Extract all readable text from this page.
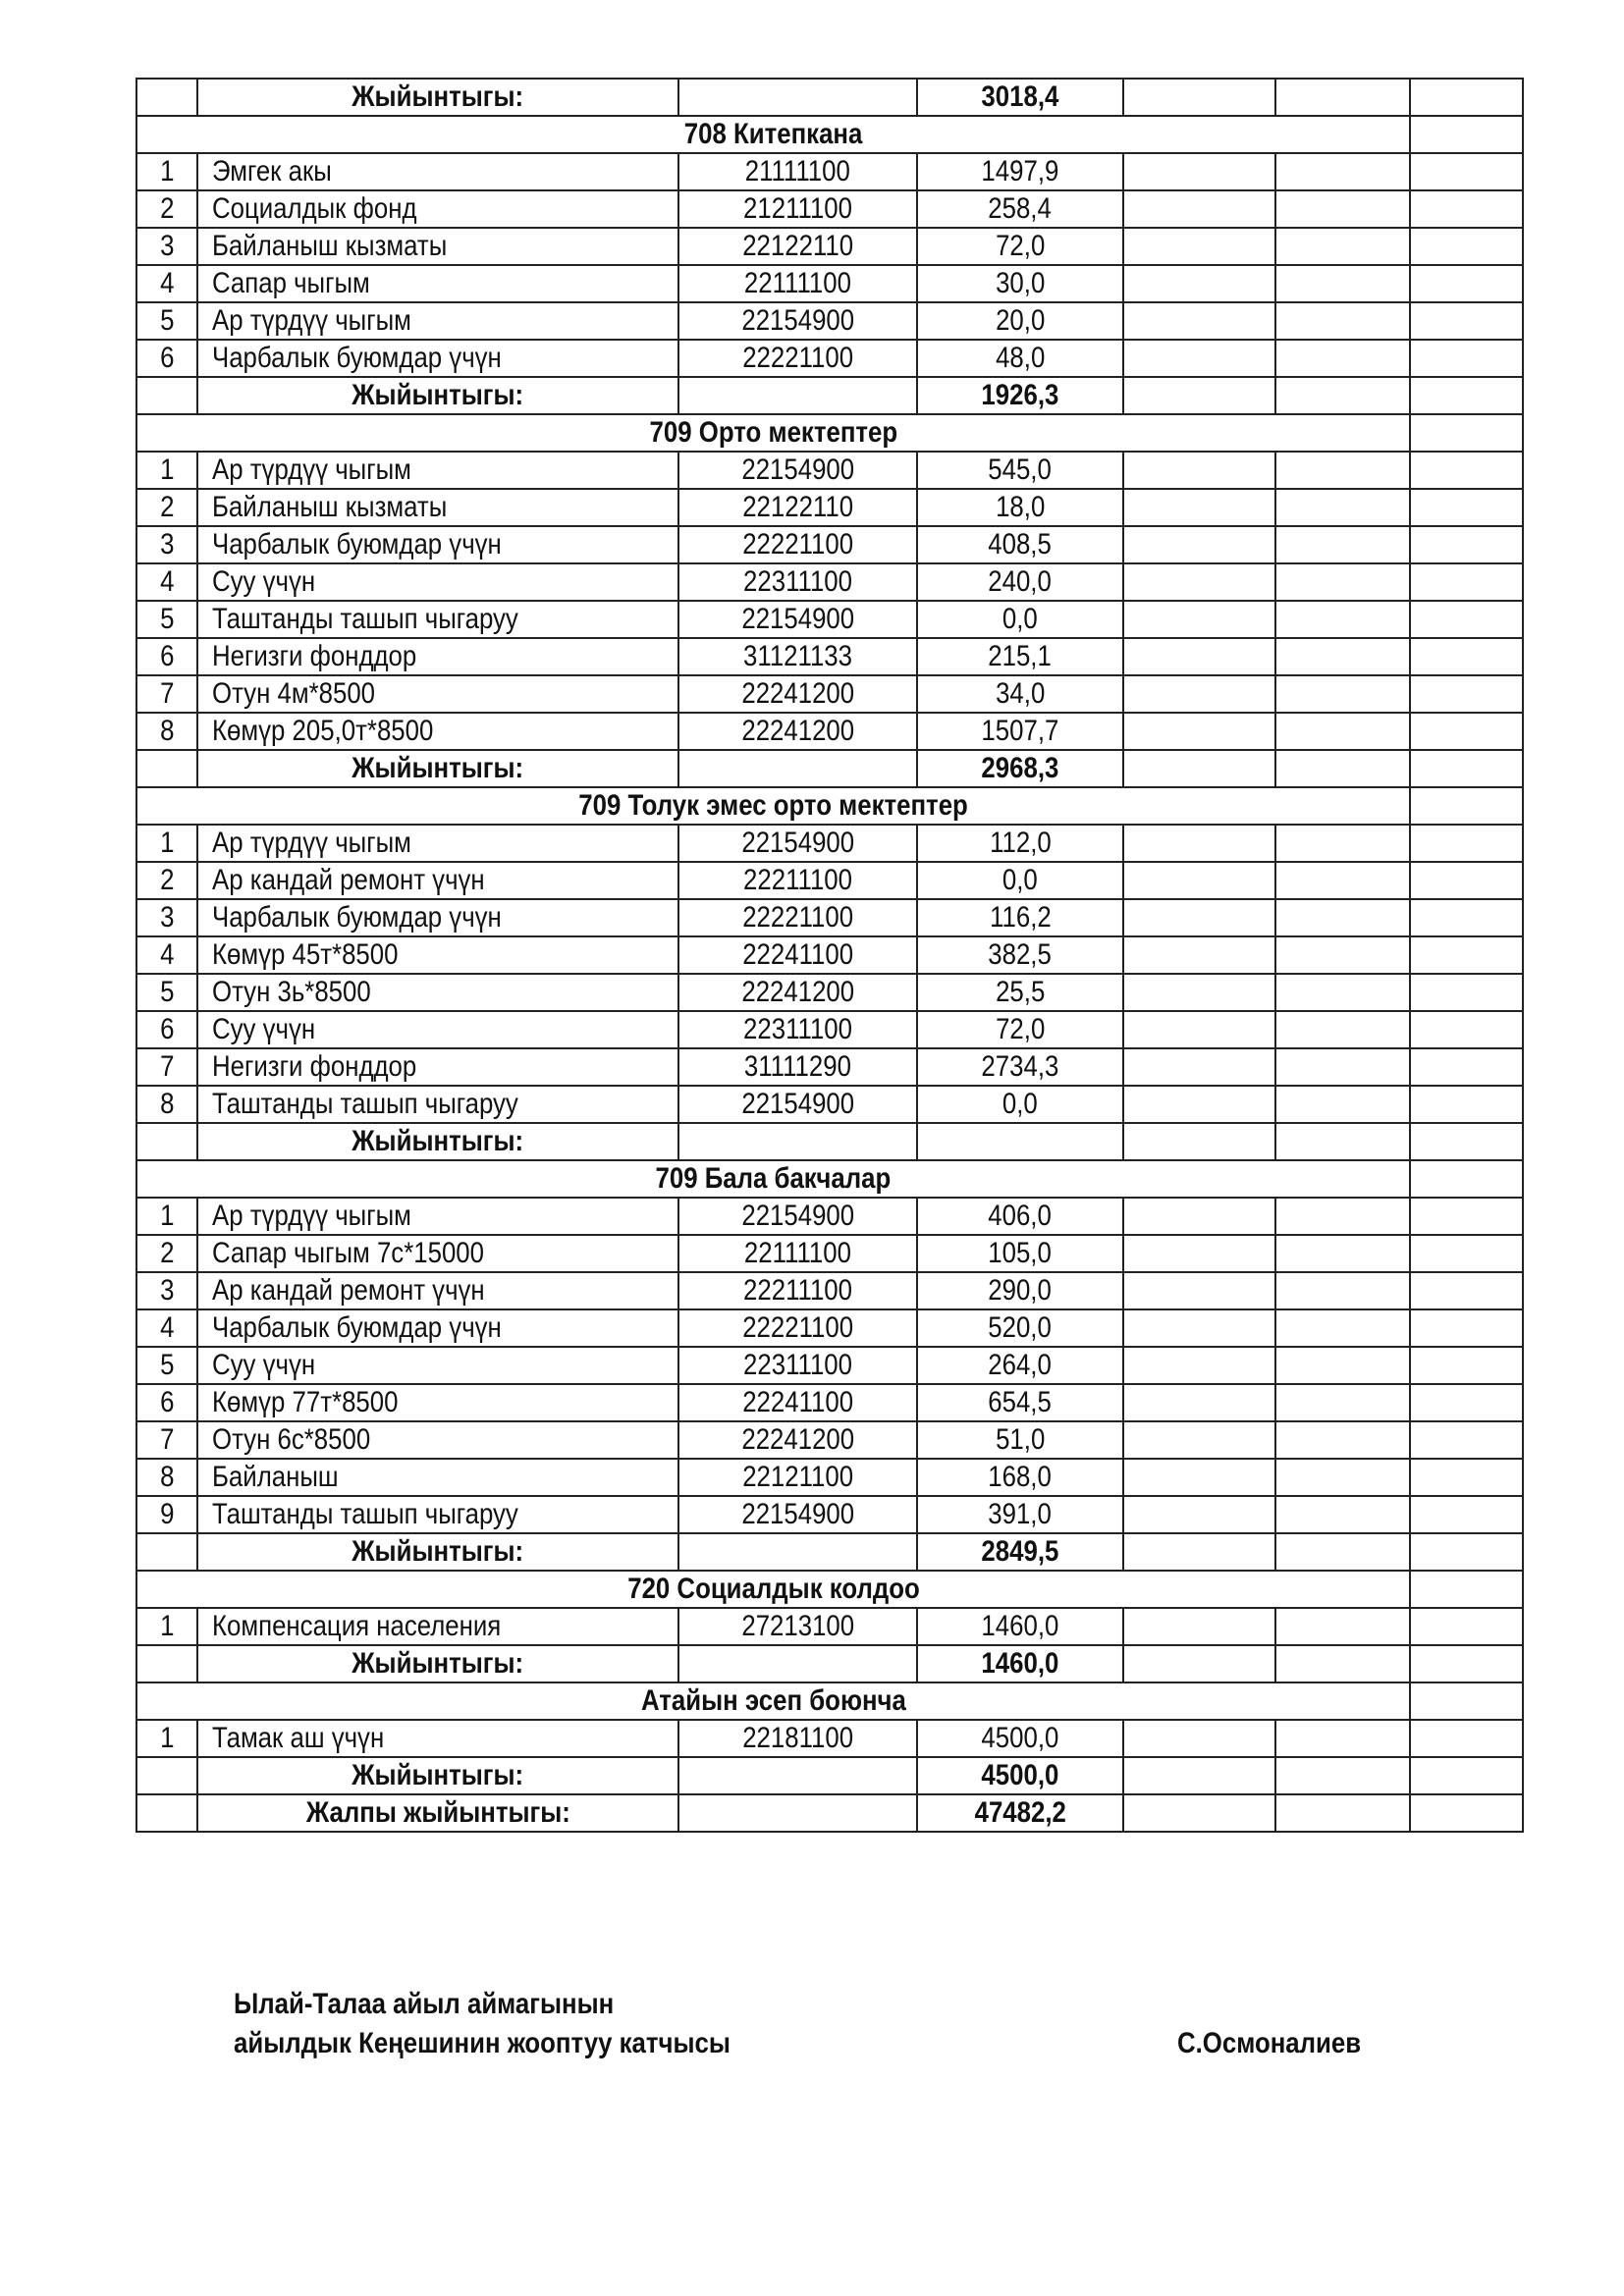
	Жыйынтыгы:		3018,4			
708 Китепкана						
1	Эмгек акы	21111100	1497,9			
2	Социалдык фонд	21211100	258,4			
3	Байланыш кызматы	22122110	72,0			
4	Сапар чыгым	22111100	30,0			
5	Ар түрдүү чыгым	22154900	20,0			
6	Чарбалык буюмдар үчүн	22221100	48,0			
	Жыйынтыгы:		1926,3			
709 Орто мектептер						
1	Ар түрдүү чыгым	22154900	545,0			
2	Байланыш кызматы	22122110	18,0			
3	Чарбалык буюмдар үчүн	22221100	408,5			
4	Суу үчүн	22311100	240,0			
5	Таштанды ташып чыгаруу	22154900	0,0			
6	Негизги фонддор	31121133	215,1			
7	Отун 4м*8500	22241200	34,0			
8	Көмүр 205,0т*8500	22241200	1507,7			
	Жыйынтыгы:		2968,3			
709 Толук эмес орто мектептер						
1	Ар түрдүү чыгым	22154900	112,0			
2	Ар кандай ремонт үчүн	22211100	0,0			
3	Чарбалык буюмдар үчүн	22221100	116,2			
4	Көмүр 45т*8500	22241100	382,5			
5	Отун 3ь*8500	22241200	25,5			
6	Суу үчүн	22311100	72,0			
7	Негизги фонддор	31111290	2734,3			
8	Таштанды ташып чыгаруу	22154900	0,0			
	Жыйынтыгы:					
709 Бала бакчалар						
1	Ар түрдүү чыгым	22154900	406,0			
2	Сапар чыгым 7с*15000	22111100	105,0			
3	Ар кандай ремонт үчүн	22211100	290,0			
4	Чарбалык буюмдар үчүн	22221100	520,0			
5	Суу үчүн	22311100	264,0			
6	Көмүр 77т*8500	22241100	654,5			
7	Отун 6с*8500	22241200	51,0			
8	Байланыш	22121100	168,0			
9	Таштанды ташып чыгаруу	22154900	391,0			
	Жыйынтыгы:		2849,5			
720 Социалдык колдоо						
1	Компенсация населения	27213100	1460,0			
	Жыйынтыгы:		1460,0			
Атайын эсеп боюнча						
1	Тамак аш үчүн	22181100	4500,0			
	Жыйынтыгы:		4500,0			
	Жалпы жыйынтыгы:		47482,2			
Ылай-Талаа айыл аймагынын
айылдык Кеңешинин жооптуу катчысы	С.Осмоналиев
